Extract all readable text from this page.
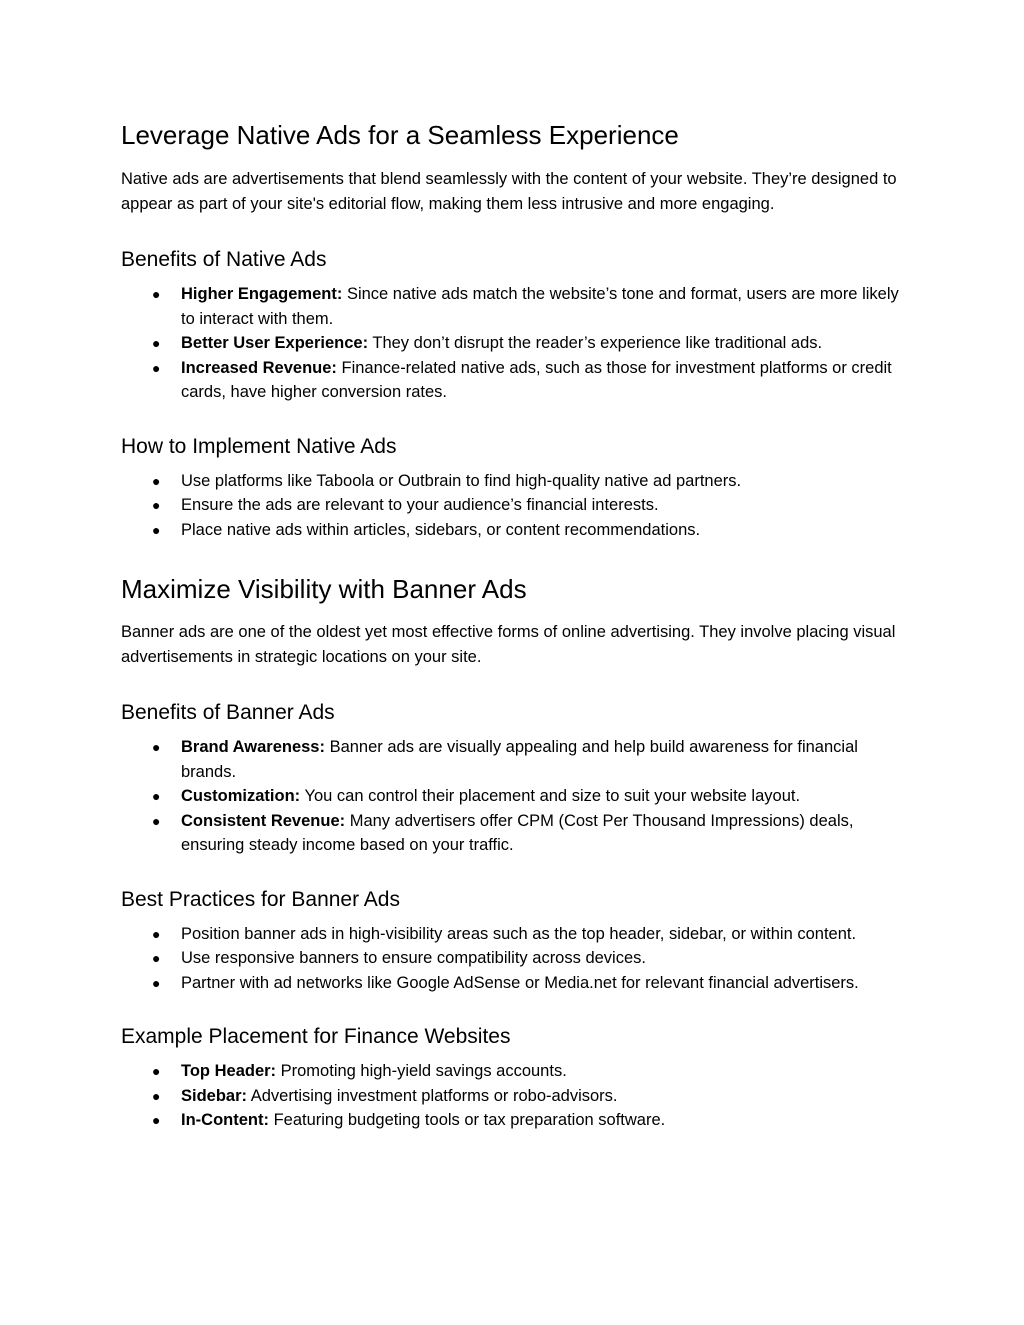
Leverage Native Ads for a Seamless Experience

Native ads are advertisements that blend seamlessly with the content of your website. They’re designed to appear as part of your site's editorial flow, making them less intrusive and more engaging.

Benefits of Native Ads
● Higher Engagement: Since native ads match the website’s tone and format, users are more likely to interact with them.
● Better User Experience: They don’t disrupt the reader’s experience like traditional ads.
● Increased Revenue: Finance-related native ads, such as those for investment platforms or credit cards, have higher conversion rates.
How to Implement Native Ads
● Use platforms like Taboola or Outbrain to find high-quality native ad partners.
● Ensure the ads are relevant to your audience’s financial interests.
● Place native ads within articles, sidebars, or content recommendations.
Maximize Visibility with Banner Ads

Banner ads are one of the oldest yet most effective forms of online advertising. They involve placing visual advertisements in strategic locations on your site.

Benefits of Banner Ads
● Brand Awareness: Banner ads are visually appealing and help build awareness for financial brands.
● Customization: You can control their placement and size to suit your website layout.
● Consistent Revenue: Many advertisers offer CPM (Cost Per Thousand Impressions) deals, ensuring steady income based on your traffic.
Best Practices for Banner Ads
● Position banner ads in high-visibility areas such as the top header, sidebar, or within content.
● Use responsive banners to ensure compatibility across devices.
● Partner with ad networks like Google AdSense or Media.net for relevant financial advertisers.
Example Placement for Finance Websites
● Top Header: Promoting high-yield savings accounts.
● Sidebar: Advertising investment platforms or robo-advisors.
● In-Content: Featuring budgeting tools or tax preparation software.
